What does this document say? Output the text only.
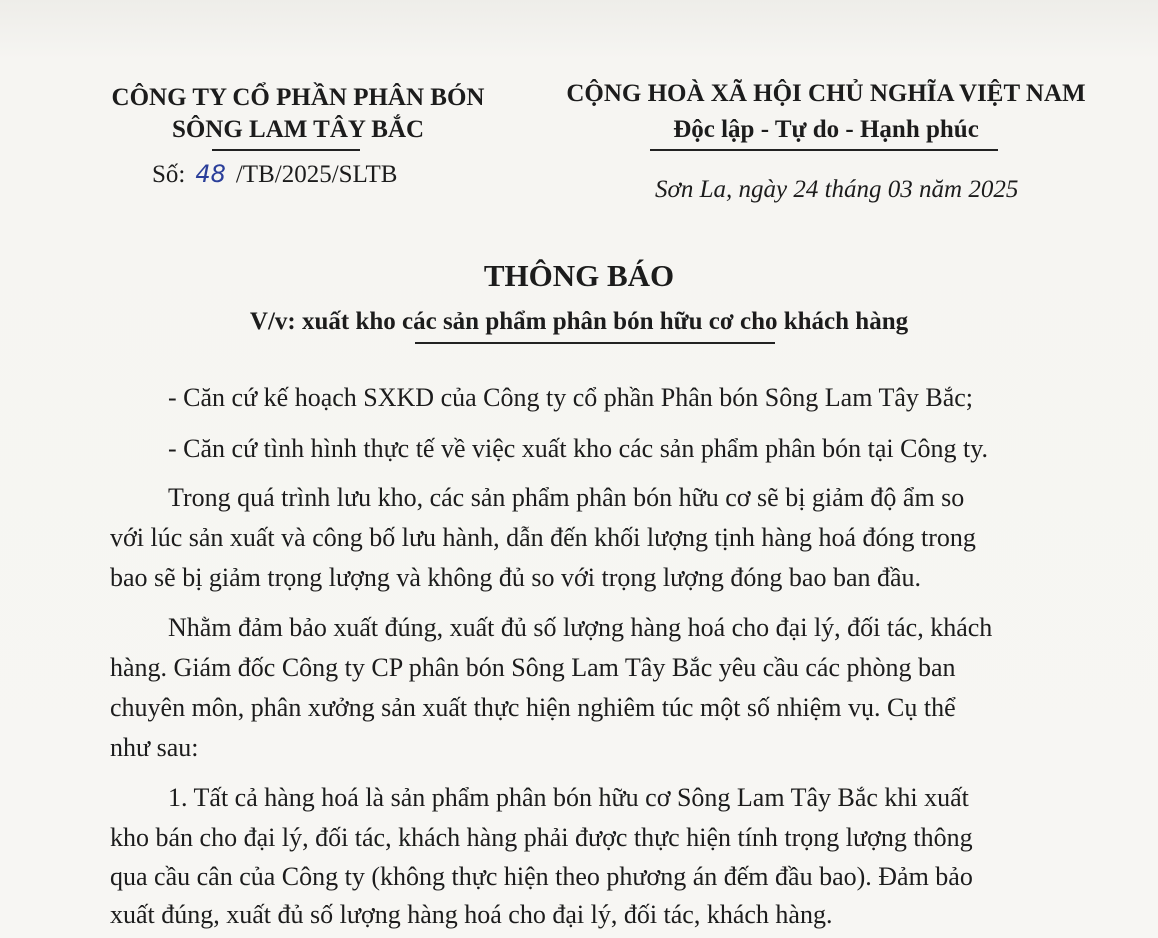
CÔNG TY CỔ PHẦN PHÂN BÓN
SÔNG LAM TÂY BẮC
Số: 48 /TB/2025/SLTB
CỘNG HOÀ XÃ HỘI CHỦ NGHĨA VIỆT NAM
Độc lập - Tự do - Hạnh phúc
Sơn La, ngày 24 tháng 03 năm 2025
THÔNG BÁO
V/v: xuất kho các sản phẩm phân bón hữu cơ cho khách hàng
- Căn cứ kế hoạch SXKD của Công ty cổ phần Phân bón Sông Lam Tây Bắc;
- Căn cứ tình hình thực tế về việc xuất kho các sản phẩm phân bón tại Công ty.
Trong quá trình lưu kho, các sản phẩm phân bón hữu cơ sẽ bị giảm độ ẩm so
với lúc sản xuất và công bố lưu hành, dẫn đến khối lượng tịnh hàng hoá đóng trong
bao sẽ bị giảm trọng lượng và không đủ so với trọng lượng đóng bao ban đầu.
Nhằm đảm bảo xuất đúng, xuất đủ số lượng hàng hoá cho đại lý, đối tác, khách
hàng. Giám đốc Công ty CP phân bón Sông Lam Tây Bắc yêu cầu các phòng ban
chuyên môn, phân xưởng sản xuất thực hiện nghiêm túc một số nhiệm vụ. Cụ thể
như sau:
1. Tất cả hàng hoá là sản phẩm phân bón hữu cơ Sông Lam Tây Bắc khi xuất
kho bán cho đại lý, đối tác, khách hàng phải được thực hiện tính trọng lượng thông
qua cầu cân của Công ty (không thực hiện theo phương án đếm đầu bao). Đảm bảo
xuất đúng, xuất đủ số lượng hàng hoá cho đại lý, đối tác, khách hàng.
